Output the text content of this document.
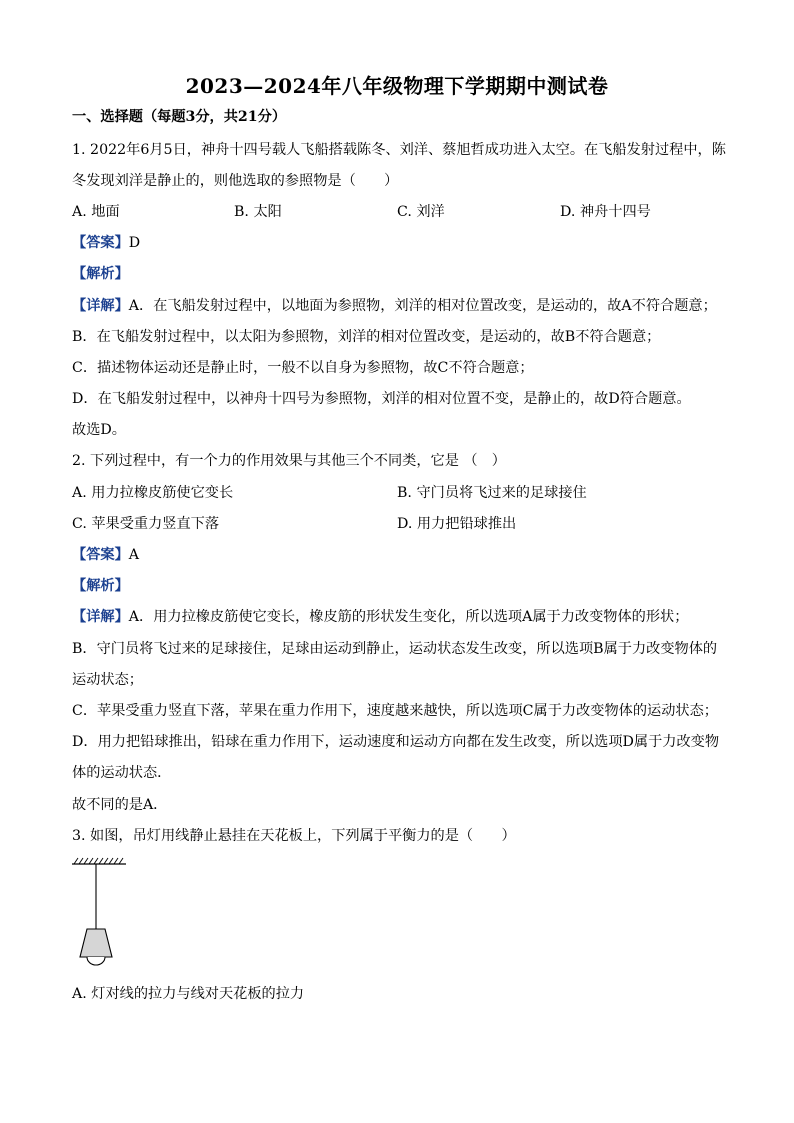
2023—2024年八年级物理下学期期中测试卷
一、选择题（每题3分，共21分）
1. 2022年6月5日，神舟十四号载人飞船搭载陈冬、刘洋、蔡旭哲成功进入太空。在飞船发射过程中，陈
冬发现刘洋是静止的，则他选取的参照物是（　　）
A. 地面	B. 太阳	C. 刘洋	D. 神舟十四号
【答案】D
【解析】
【详解】A．在飞船发射过程中，以地面为参照物，刘洋的相对位置改变，是运动的，故A不符合题意；
B．在飞船发射过程中，以太阳为参照物，刘洋的相对位置改变，是运动的，故B不符合题意；
C．描述物体运动还是静止时，一般不以自身为参照物，故C不符合题意；
D．在飞船发射过程中，以神舟十四号为参照物，刘洋的相对位置不变，是静止的，故D符合题意。
故选D。
2. 下列过程中，有一个力的作用效果与其他三个不同类，它是 （　）
A. 用力拉橡皮筋使它变长	B. 守门员将飞过来的足球接住
C. 苹果受重力竖直下落	D. 用力把铅球推出
【答案】A
【解析】
【详解】A．用力拉橡皮筋使它变长，橡皮筋的形状发生变化，所以选项A属于力改变物体的形状；
B．守门员将飞过来的足球接住，足球由运动到静止，运动状态发生改变，所以选项B属于力改变物体的
运动状态；
C．苹果受重力竖直下落，苹果在重力作用下，速度越来越快，所以选项C属于力改变物体的运动状态；
D．用力把铅球推出，铅球在重力作用下，运动速度和运动方向都在发生改变，所以选项D属于力改变物
体的运动状态．
故不同的是A．
3. 如图，吊灯用线静止悬挂在天花板上，下列属于平衡力的是（　　）
A. 灯对线的拉力与线对天花板的拉力
